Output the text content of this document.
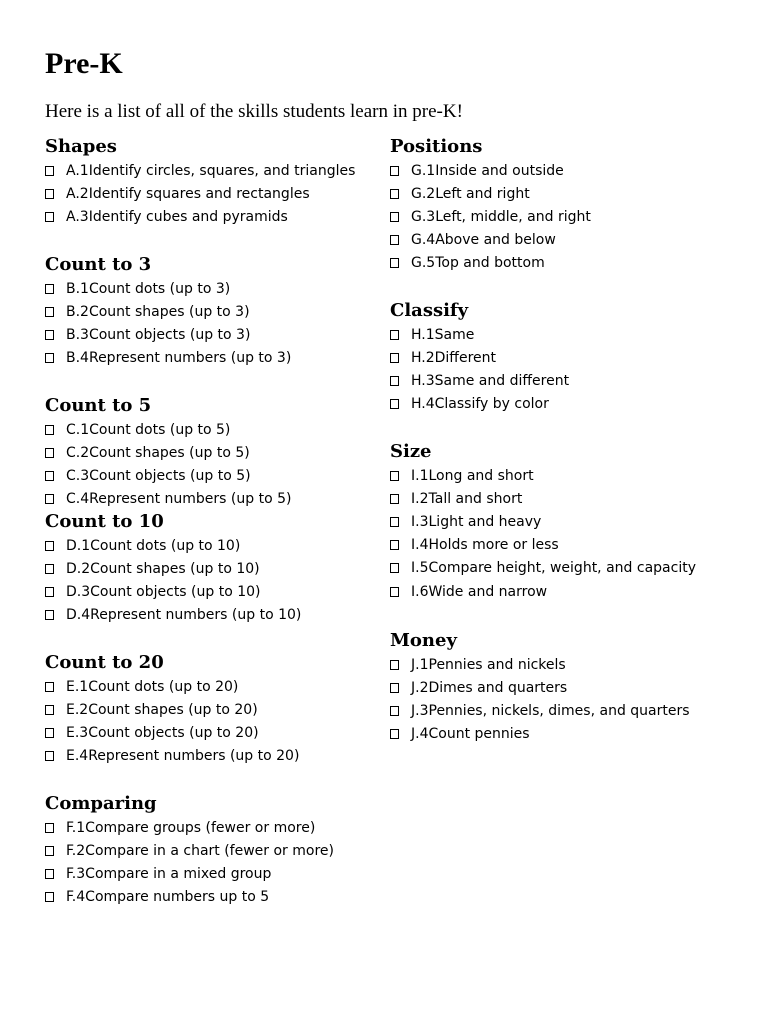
Pre-K

Here is a list of all of the skills students learn in pre-K!

Shapes
A.1 Identify circles, squares, and triangles
A.2 Identify squares and rectangles
A.3 Identify cubes and pyramids
Count to 3
B.1 Count dots (up to 3)
B.2 Count shapes (up to 3)
B.3 Count objects (up to 3)
B.4 Represent numbers (up to 3)
Count to 5
C.1 Count dots (up to 5)
C.2 Count shapes (up to 5)
C.3 Count objects (up to 5)
C.4 Represent numbers (up to 5)
Count to 10
D.1 Count dots (up to 10)
D.2 Count shapes (up to 10)
D.3 Count objects (up to 10)
D.4 Represent numbers (up to 10)
Count to 20
E.1 Count dots (up to 20)
E.2 Count shapes (up to 20)
E.3 Count objects (up to 20)
E.4 Represent numbers (up to 20)
Comparing
F.1 Compare groups (fewer or more)
F.2 Compare in a chart (fewer or more)
F.3 Compare in a mixed group
F.4 Compare numbers up to 5
Positions
G.1 Inside and outside
G.2 Left and right
G.3 Left, middle, and right
G.4 Above and below
G.5 Top and bottom
Classify
H.1 Same
H.2 Different
H.3 Same and different
H.4 Classify by color
Size
I.1 Long and short
I.2 Tall and short
I.3 Light and heavy
I.4 Holds more or less
I.5 Compare height, weight, and capacity
I.6 Wide and narrow
Money
J.1 Pennies and nickels
J.2 Dimes and quarters
J.3 Pennies, nickels, dimes, and quarters
J.4 Count pennies
